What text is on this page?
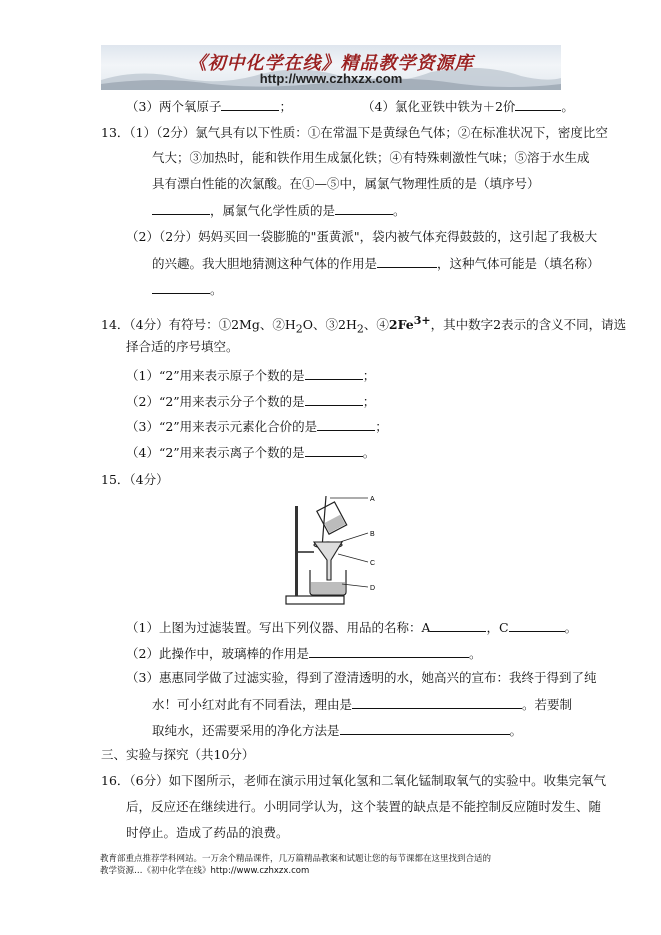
《初中化学在线》精品教学资源库
http://www.czhxzx.com
（3）两个氧原子	；	（4）氯化亚铁中铁为＋2价	。
13．（1）（2分）氯气具有以下性质：①在常温下是黄绿色气体；②在标准状况下，密度比空
气大；③加热时，能和铁作用生成氯化铁；④有特殊刺激性气味；⑤溶于水生成
具有漂白性能的次氯酸。在①—⑤中，属氯气物理性质的是（填序号）
，属氯气化学性质的是	。
（2）（2分）妈妈买回一袋膨脆的"蛋黄派"，袋内被气体充得鼓鼓的，这引起了我极大
的兴趣。我大胆地猜测这种气体的作用是	，这种气体可能是（填名称）
。
14．（4分）有符号：①2Mg、$②H_2O$、$③2H_2$、$④2Fe^{3+}$，其中数字2表示的含义不同，请选
择合适的序号填空。
（1）“2”用来表示原子个数的是	；
（2）“2”用来表示分子个数的是	；
（3）“2”用来表示元素化合价的是	；
（4）“2”用来表示离子个数的是	。
15．（4分）
A
B
C
D
（1）上图为过滤装置。写出下列仪器、用品的名称：A	，C	。
（2）此操作中，玻璃棒的作用是	。
（3）惠惠同学做了过滤实验，得到了澄清透明的水，她高兴的宣布：我终于得到了纯
水！可小红对此有不同看法，理由是	。若要制
取纯水，还需要采用的净化方法是	。
三、实验与探究（共10分）
16．（6分）如下图所示，老师在演示用过氧化氢和二氧化锰制取氧气的实验中。收集完氧气
后，反应还在继续进行。小明同学认为，这个装置的缺点是不能控制反应随时发生、随
时停止。造成了药品的浪费。
教育部重点推荐学科网站。一万余个精品课件，几万篇精品教案和试题让您的每节课都在这里找到合适的
教学资源…《初中化学在线》http://www.czhxzx.com
